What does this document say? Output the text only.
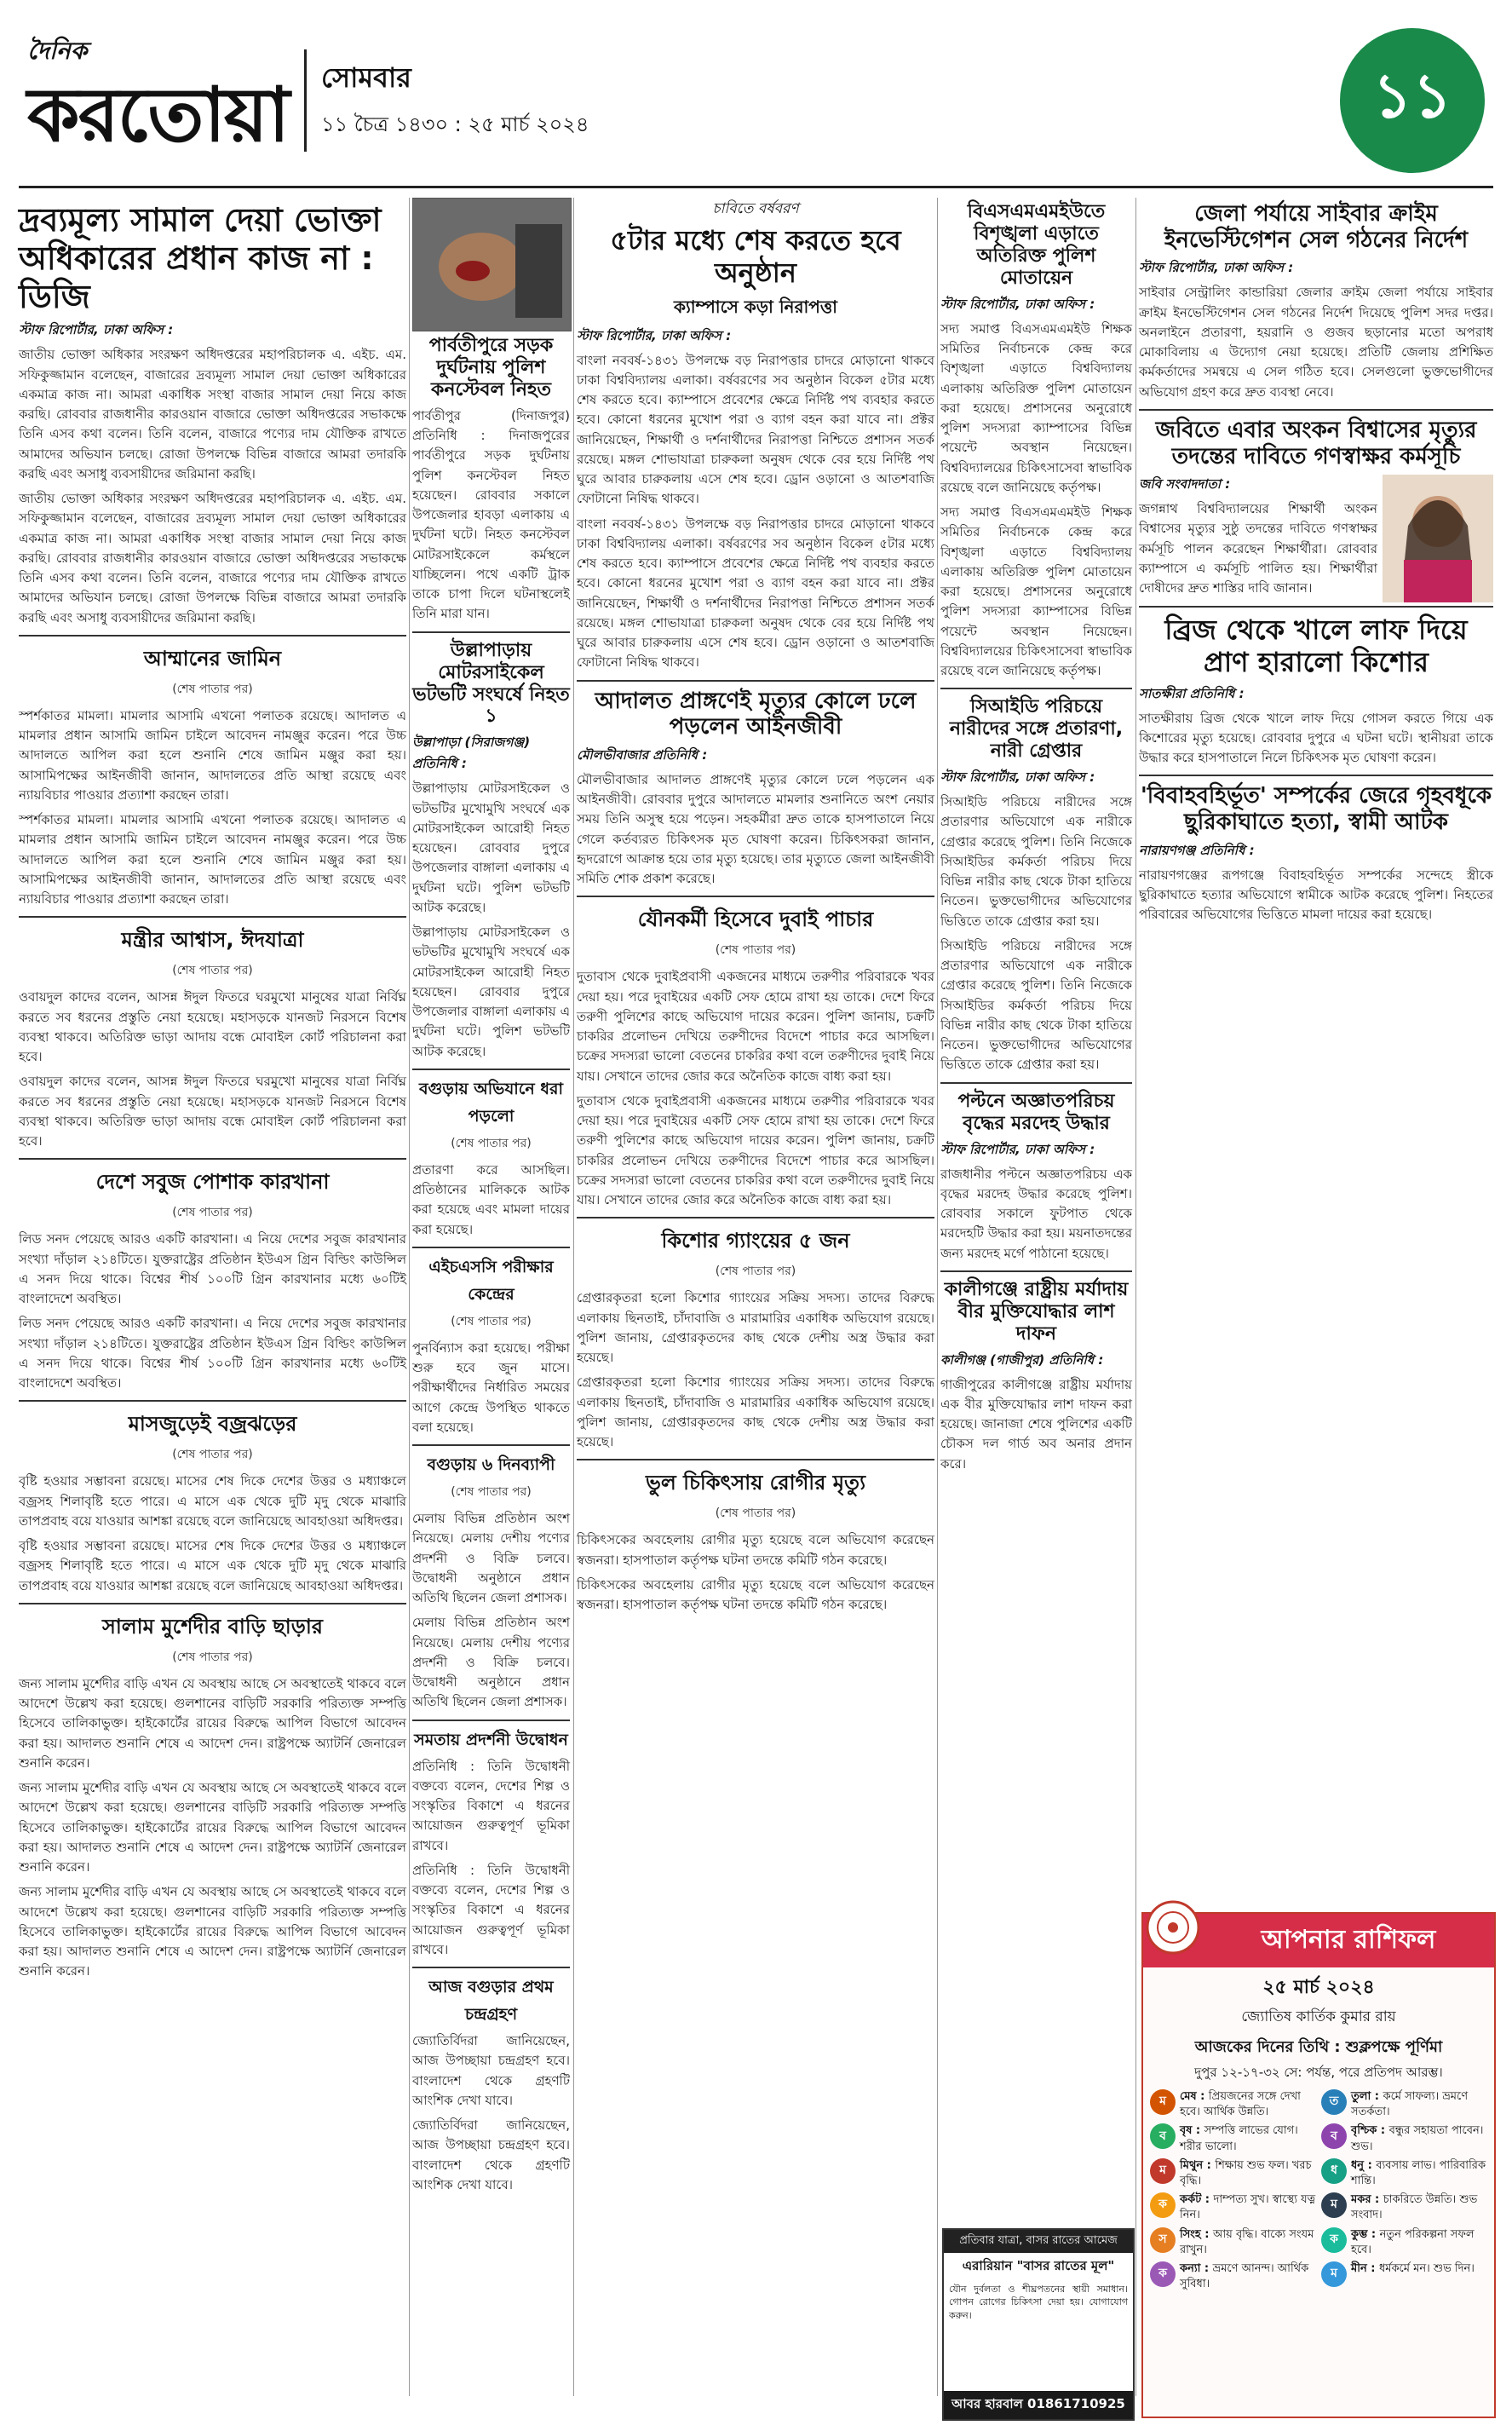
দৈনিক
করতোয়া সোমবার
১১ চৈত্র ১৪৩০ : ২৫ মার্চ ২০২৪	১১
দ্রব্যমূল্য সামাল দেয়া ভোক্তা অধিকারের প্রধান কাজ না : ডিজি
স্টাফ রিপোর্টার, ঢাকা অফিস :

জাতীয় ভোক্তা অধিকার সংরক্ষণ অধিদপ্তরের মহাপরিচালক এ. এইচ. এম. সফিকুজ্জামান বলেছেন, বাজারের দ্রব্যমূল্য সামাল দেয়া ভোক্তা অধিকারের একমাত্র কাজ না। আমরা একাধিক সংস্থা বাজার সামাল দেয়া নিয়ে কাজ করছি। রোববার রাজধানীর কারওয়ান বাজারে ভোক্তা অধিদপ্তরের সভাকক্ষে তিনি এসব কথা বলেন। তিনি বলেন, বাজারে পণ্যের দাম যৌক্তিক রাখতে আমাদের অভিযান চলছে। রোজা উপলক্ষে বিভিন্ন বাজারে আমরা তদারকি করছি এবং অসাধু ব্যবসায়ীদের জরিমানা করছি।

জাতীয় ভোক্তা অধিকার সংরক্ষণ অধিদপ্তরের মহাপরিচালক এ. এইচ. এম. সফিকুজ্জামান বলেছেন, বাজারের দ্রব্যমূল্য সামাল দেয়া ভোক্তা অধিকারের একমাত্র কাজ না। আমরা একাধিক সংস্থা বাজার সামাল দেয়া নিয়ে কাজ করছি। রোববার রাজধানীর কারওয়ান বাজারে ভোক্তা অধিদপ্তরের সভাকক্ষে তিনি এসব কথা বলেন। তিনি বলেন, বাজারে পণ্যের দাম যৌক্তিক রাখতে আমাদের অভিযান চলছে। রোজা উপলক্ষে বিভিন্ন বাজারে আমরা তদারকি করছি এবং অসাধু ব্যবসায়ীদের জরিমানা করছি।

আম্মানের জামিন
(শেষ পাতার পর)

স্পর্শকাতর মামলা। মামলার আসামি এখনো পলাতক রয়েছে। আদালত এ মামলার প্রধান আসামি জামিন চাইলে আবেদন নামঞ্জুর করেন। পরে উচ্চ আদালতে আপিল করা হলে শুনানি শেষে জামিন মঞ্জুর করা হয়। আসামিপক্ষের আইনজীবী জানান, আদালতের প্রতি আস্থা রয়েছে এবং ন্যায়বিচার পাওয়ার প্রত্যাশা করছেন তারা।

স্পর্শকাতর মামলা। মামলার আসামি এখনো পলাতক রয়েছে। আদালত এ মামলার প্রধান আসামি জামিন চাইলে আবেদন নামঞ্জুর করেন। পরে উচ্চ আদালতে আপিল করা হলে শুনানি শেষে জামিন মঞ্জুর করা হয়। আসামিপক্ষের আইনজীবী জানান, আদালতের প্রতি আস্থা রয়েছে এবং ন্যায়বিচার পাওয়ার প্রত্যাশা করছেন তারা।

মন্ত্রীর আশ্বাস, ঈদযাত্রা
(শেষ পাতার পর)

ওবায়দুল কাদের বলেন, আসন্ন ঈদুল ফিতরে ঘরমুখো মানুষের যাত্রা নির্বিঘ্ন করতে সব ধরনের প্রস্তুতি নেয়া হয়েছে। মহাসড়কে যানজট নিরসনে বিশেষ ব্যবস্থা থাকবে। অতিরিক্ত ভাড়া আদায় বন্ধে মোবাইল কোর্ট পরিচালনা করা হবে।

ওবায়দুল কাদের বলেন, আসন্ন ঈদুল ফিতরে ঘরমুখো মানুষের যাত্রা নির্বিঘ্ন করতে সব ধরনের প্রস্তুতি নেয়া হয়েছে। মহাসড়কে যানজট নিরসনে বিশেষ ব্যবস্থা থাকবে। অতিরিক্ত ভাড়া আদায় বন্ধে মোবাইল কোর্ট পরিচালনা করা হবে।

দেশে সবুজ পোশাক কারখানা
(শেষ পাতার পর)

লিড সনদ পেয়েছে আরও একটি কারখানা। এ নিয়ে দেশের সবুজ কারখানার সংখ্যা দাঁড়াল ২১৪টিতে। যুক্তরাষ্ট্রের প্রতিষ্ঠান ইউএস গ্রিন বিল্ডিং কাউন্সিল এ সনদ দিয়ে থাকে। বিশ্বের শীর্ষ ১০০টি গ্রিন কারখানার মধ্যে ৬০টিই বাংলাদেশে অবস্থিত।

লিড সনদ পেয়েছে আরও একটি কারখানা। এ নিয়ে দেশের সবুজ কারখানার সংখ্যা দাঁড়াল ২১৪টিতে। যুক্তরাষ্ট্রের প্রতিষ্ঠান ইউএস গ্রিন বিল্ডিং কাউন্সিল এ সনদ দিয়ে থাকে। বিশ্বের শীর্ষ ১০০টি গ্রিন কারখানার মধ্যে ৬০টিই বাংলাদেশে অবস্থিত।

মাসজুড়েই বজ্রঝড়ের
(শেষ পাতার পর)

বৃষ্টি হওয়ার সম্ভাবনা রয়েছে। মাসের শেষ দিকে দেশের উত্তর ও মধ্যাঞ্চলে বজ্রসহ শিলাবৃষ্টি হতে পারে। এ মাসে এক থেকে দুটি মৃদু থেকে মাঝারি তাপপ্রবাহ বয়ে যাওয়ার আশঙ্কা রয়েছে বলে জানিয়েছে আবহাওয়া অধিদপ্তর।

বৃষ্টি হওয়ার সম্ভাবনা রয়েছে। মাসের শেষ দিকে দেশের উত্তর ও মধ্যাঞ্চলে বজ্রসহ শিলাবৃষ্টি হতে পারে। এ মাসে এক থেকে দুটি মৃদু থেকে মাঝারি তাপপ্রবাহ বয়ে যাওয়ার আশঙ্কা রয়েছে বলে জানিয়েছে আবহাওয়া অধিদপ্তর।

সালাম মুর্শেদীর বাড়ি ছাড়ার
(শেষ পাতার পর)

জন্য সালাম মুর্শেদীর বাড়ি এখন যে অবস্থায় আছে সে অবস্থাতেই থাকবে বলে আদেশে উল্লেখ করা হয়েছে। গুলশানের বাড়িটি সরকারি পরিত্যক্ত সম্পত্তি হিসেবে তালিকাভুক্ত। হাইকোর্টের রায়ের বিরুদ্ধে আপিল বিভাগে আবেদন করা হয়। আদালত শুনানি শেষে এ আদেশ দেন। রাষ্ট্রপক্ষে অ্যাটর্নি জেনারেল শুনানি করেন।

জন্য সালাম মুর্শেদীর বাড়ি এখন যে অবস্থায় আছে সে অবস্থাতেই থাকবে বলে আদেশে উল্লেখ করা হয়েছে। গুলশানের বাড়িটি সরকারি পরিত্যক্ত সম্পত্তি হিসেবে তালিকাভুক্ত। হাইকোর্টের রায়ের বিরুদ্ধে আপিল বিভাগে আবেদন করা হয়। আদালত শুনানি শেষে এ আদেশ দেন। রাষ্ট্রপক্ষে অ্যাটর্নি জেনারেল শুনানি করেন।

জন্য সালাম মুর্শেদীর বাড়ি এখন যে অবস্থায় আছে সে অবস্থাতেই থাকবে বলে আদেশে উল্লেখ করা হয়েছে। গুলশানের বাড়িটি সরকারি পরিত্যক্ত সম্পত্তি হিসেবে তালিকাভুক্ত। হাইকোর্টের রায়ের বিরুদ্ধে আপিল বিভাগে আবেদন করা হয়। আদালত শুনানি শেষে এ আদেশ দেন। রাষ্ট্রপক্ষে অ্যাটর্নি জেনারেল শুনানি করেন।

পার্বতীপুরে সড়ক দুর্ঘটনায় পুলিশ কনস্টেবল নিহত

পার্বতীপুর (দিনাজপুর) প্রতিনিধি : দিনাজপুরের পার্বতীপুরে সড়ক দুর্ঘটনায় পুলিশ কনস্টেবল নিহত হয়েছেন। রোববার সকালে উপজেলার হাবড়া এলাকায় এ দুর্ঘটনা ঘটে। নিহত কনস্টেবল মোটরসাইকেলে কর্মস্থলে যাচ্ছিলেন। পথে একটি ট্রাক তাকে চাপা দিলে ঘটনাস্থলেই তিনি মারা যান।

উল্লাপাড়ায় মোটরসাইকেল ভটভটি সংঘর্ষে নিহত ১
উল্লাপাড়া (সিরাজগঞ্জ) প্রতিনিধি :

উল্লাপাড়ায় মোটরসাইকেল ও ভটভটির মুখোমুখি সংঘর্ষে এক মোটরসাইকেল আরোহী নিহত হয়েছেন। রোববার দুপুরে উপজেলার বাঙ্গালা এলাকায় এ দুর্ঘটনা ঘটে। পুলিশ ভটভটি আটক করেছে।

উল্লাপাড়ায় মোটরসাইকেল ও ভটভটির মুখোমুখি সংঘর্ষে এক মোটরসাইকেল আরোহী নিহত হয়েছেন। রোববার দুপুরে উপজেলার বাঙ্গালা এলাকায় এ দুর্ঘটনা ঘটে। পুলিশ ভটভটি আটক করেছে।

বগুড়ায় অভিযানে ধরা পড়লো
(শেষ পাতার পর)

প্রতারণা করে আসছিল। প্রতিষ্ঠানের মালিককে আটক করা হয়েছে এবং মামলা দায়ের করা হয়েছে।

এইচএসসি পরীক্ষার কেন্দ্রের
(শেষ পাতার পর)

পুনর্বিন্যাস করা হয়েছে। পরীক্ষা শুরু হবে জুন মাসে। পরীক্ষার্থীদের নির্ধারিত সময়ের আগে কেন্দ্রে উপস্থিত থাকতে বলা হয়েছে।

বগুড়ায় ৬ দিনব্যাপী
(শেষ পাতার পর)

মেলায় বিভিন্ন প্রতিষ্ঠান অংশ নিয়েছে। মেলায় দেশীয় পণ্যের প্রদর্শনী ও বিক্রি চলবে। উদ্বোধনী অনুষ্ঠানে প্রধান অতিথি ছিলেন জেলা প্রশাসক।

মেলায় বিভিন্ন প্রতিষ্ঠান অংশ নিয়েছে। মেলায় দেশীয় পণ্যের প্রদর্শনী ও বিক্রি চলবে। উদ্বোধনী অনুষ্ঠানে প্রধান অতিথি ছিলেন জেলা প্রশাসক।

সমতায় প্রদর্শনী উদ্বোধন

প্রতিনিধি : তিনি উদ্বোধনী বক্তব্যে বলেন, দেশের শিল্প ও সংস্কৃতির বিকাশে এ ধরনের আয়োজন গুরুত্বপূর্ণ ভূমিকা রাখবে।

প্রতিনিধি : তিনি উদ্বোধনী বক্তব্যে বলেন, দেশের শিল্প ও সংস্কৃতির বিকাশে এ ধরনের আয়োজন গুরুত্বপূর্ণ ভূমিকা রাখবে।

আজ বগুড়ার প্রথম চন্দ্রগ্রহণ

জ্যোতির্বিদরা জানিয়েছেন, আজ উপচ্ছায়া চন্দ্রগ্রহণ হবে। বাংলাদেশ থেকে গ্রহণটি আংশিক দেখা যাবে।

জ্যোতির্বিদরা জানিয়েছেন, আজ উপচ্ছায়া চন্দ্রগ্রহণ হবে। বাংলাদেশ থেকে গ্রহণটি আংশিক দেখা যাবে।

চাবিতে বর্ষবরণ
৫টার মধ্যে শেষ করতে হবে অনুষ্ঠান
ক্যাম্পাসে কড়া নিরাপত্তা
স্টাফ রিপোর্টার, ঢাকা অফিস :

বাংলা নববর্ষ-১৪৩১ উপলক্ষে বড় নিরাপত্তার চাদরে মোড়ানো থাকবে ঢাকা বিশ্ববিদ্যালয় এলাকা। বর্ষবরণের সব অনুষ্ঠান বিকেল ৫টার মধ্যে শেষ করতে হবে। ক্যাম্পাসে প্রবেশের ক্ষেত্রে নির্দিষ্ট পথ ব্যবহার করতে হবে। কোনো ধরনের মুখোশ পরা ও ব্যাগ বহন করা যাবে না। প্রক্টর জানিয়েছেন, শিক্ষার্থী ও দর্শনার্থীদের নিরাপত্তা নিশ্চিতে প্রশাসন সতর্ক রয়েছে। মঙ্গল শোভাযাত্রা চারুকলা অনুষদ থেকে বের হয়ে নির্দিষ্ট পথ ঘুরে আবার চারুকলায় এসে শেষ হবে। ড্রোন ওড়ানো ও আতশবাজি ফোটানো নিষিদ্ধ থাকবে।

বাংলা নববর্ষ-১৪৩১ উপলক্ষে বড় নিরাপত্তার চাদরে মোড়ানো থাকবে ঢাকা বিশ্ববিদ্যালয় এলাকা। বর্ষবরণের সব অনুষ্ঠান বিকেল ৫টার মধ্যে শেষ করতে হবে। ক্যাম্পাসে প্রবেশের ক্ষেত্রে নির্দিষ্ট পথ ব্যবহার করতে হবে। কোনো ধরনের মুখোশ পরা ও ব্যাগ বহন করা যাবে না। প্রক্টর জানিয়েছেন, শিক্ষার্থী ও দর্শনার্থীদের নিরাপত্তা নিশ্চিতে প্রশাসন সতর্ক রয়েছে। মঙ্গল শোভাযাত্রা চারুকলা অনুষদ থেকে বের হয়ে নির্দিষ্ট পথ ঘুরে আবার চারুকলায় এসে শেষ হবে। ড্রোন ওড়ানো ও আতশবাজি ফোটানো নিষিদ্ধ থাকবে।

আদালত প্রাঙ্গণেই মৃত্যুর কোলে ঢলে পড়লেন আইনজীবী
মৌলভীবাজার প্রতিনিধি :

মৌলভীবাজার আদালত প্রাঙ্গণেই মৃত্যুর কোলে ঢলে পড়লেন এক আইনজীবী। রোববার দুপুরে আদালতে মামলার শুনানিতে অংশ নেয়ার সময় তিনি অসুস্থ হয়ে পড়েন। সহকর্মীরা দ্রুত তাকে হাসপাতালে নিয়ে গেলে কর্তব্যরত চিকিৎসক মৃত ঘোষণা করেন। চিকিৎসকরা জানান, হৃদরোগে আক্রান্ত হয়ে তার মৃত্যু হয়েছে। তার মৃত্যুতে জেলা আইনজীবী সমিতি শোক প্রকাশ করেছে।

যৌনকর্মী হিসেবে দুবাই পাচার
(শেষ পাতার পর)

দুতাবাস থেকে দুবাইপ্রবাসী একজনের মাধ্যমে তরুণীর পরিবারকে খবর দেয়া হয়। পরে দুবাইয়ের একটি সেফ হোমে রাখা হয় তাকে। দেশে ফিরে তরুণী পুলিশের কাছে অভিযোগ দায়ের করেন। পুলিশ জানায়, চক্রটি চাকরির প্রলোভন দেখিয়ে তরুণীদের বিদেশে পাচার করে আসছিল। চক্রের সদস্যরা ভালো বেতনের চাকরির কথা বলে তরুণীদের দুবাই নিয়ে যায়। সেখানে তাদের জোর করে অনৈতিক কাজে বাধ্য করা হয়।

দুতাবাস থেকে দুবাইপ্রবাসী একজনের মাধ্যমে তরুণীর পরিবারকে খবর দেয়া হয়। পরে দুবাইয়ের একটি সেফ হোমে রাখা হয় তাকে। দেশে ফিরে তরুণী পুলিশের কাছে অভিযোগ দায়ের করেন। পুলিশ জানায়, চক্রটি চাকরির প্রলোভন দেখিয়ে তরুণীদের বিদেশে পাচার করে আসছিল। চক্রের সদস্যরা ভালো বেতনের চাকরির কথা বলে তরুণীদের দুবাই নিয়ে যায়। সেখানে তাদের জোর করে অনৈতিক কাজে বাধ্য করা হয়।

কিশোর গ্যাংয়ের ৫ জন
(শেষ পাতার পর)

গ্রেপ্তারকৃতরা হলো কিশোর গ্যাংয়ের সক্রিয় সদস্য। তাদের বিরুদ্ধে এলাকায় ছিনতাই, চাঁদাবাজি ও মারামারির একাধিক অভিযোগ রয়েছে। পুলিশ জানায়, গ্রেপ্তারকৃতদের কাছ থেকে দেশীয় অস্ত্র উদ্ধার করা হয়েছে।

গ্রেপ্তারকৃতরা হলো কিশোর গ্যাংয়ের সক্রিয় সদস্য। তাদের বিরুদ্ধে এলাকায় ছিনতাই, চাঁদাবাজি ও মারামারির একাধিক অভিযোগ রয়েছে। পুলিশ জানায়, গ্রেপ্তারকৃতদের কাছ থেকে দেশীয় অস্ত্র উদ্ধার করা হয়েছে।

ভুল চিকিৎসায় রোগীর মৃত্যু
(শেষ পাতার পর)

চিকিৎসকের অবহেলায় রোগীর মৃত্যু হয়েছে বলে অভিযোগ করেছেন স্বজনরা। হাসপাতাল কর্তৃপক্ষ ঘটনা তদন্তে কমিটি গঠন করেছে।

চিকিৎসকের অবহেলায় রোগীর মৃত্যু হয়েছে বলে অভিযোগ করেছেন স্বজনরা। হাসপাতাল কর্তৃপক্ষ ঘটনা তদন্তে কমিটি গঠন করেছে।

বিএসএমএমইউতে বিশৃঙ্খলা এড়াতে অতিরিক্ত পুলিশ মোতায়েন
স্টাফ রিপোর্টার, ঢাকা অফিস :

সদ্য সমাপ্ত বিএসএমএমইউ শিক্ষক সমিতির নির্বাচনকে কেন্দ্র করে বিশৃঙ্খলা এড়াতে বিশ্ববিদ্যালয় এলাকায় অতিরিক্ত পুলিশ মোতায়েন করা হয়েছে। প্রশাসনের অনুরোধে পুলিশ সদস্যরা ক্যাম্পাসের বিভিন্ন পয়েন্টে অবস্থান নিয়েছেন। বিশ্ববিদ্যালয়ের চিকিৎসাসেবা স্বাভাবিক রয়েছে বলে জানিয়েছে কর্তৃপক্ষ।

সদ্য সমাপ্ত বিএসএমএমইউ শিক্ষক সমিতির নির্বাচনকে কেন্দ্র করে বিশৃঙ্খলা এড়াতে বিশ্ববিদ্যালয় এলাকায় অতিরিক্ত পুলিশ মোতায়েন করা হয়েছে। প্রশাসনের অনুরোধে পুলিশ সদস্যরা ক্যাম্পাসের বিভিন্ন পয়েন্টে অবস্থান নিয়েছেন। বিশ্ববিদ্যালয়ের চিকিৎসাসেবা স্বাভাবিক রয়েছে বলে জানিয়েছে কর্তৃপক্ষ।

সিআইডি পরিচয়ে নারীদের সঙ্গে প্রতারণা, নারী গ্রেপ্তার
স্টাফ রিপোর্টার, ঢাকা অফিস :

সিআইডি পরিচয়ে নারীদের সঙ্গে প্রতারণার অভিযোগে এক নারীকে গ্রেপ্তার করেছে পুলিশ। তিনি নিজেকে সিআইডির কর্মকর্তা পরিচয় দিয়ে বিভিন্ন নারীর কাছ থেকে টাকা হাতিয়ে নিতেন। ভুক্তভোগীদের অভিযোগের ভিত্তিতে তাকে গ্রেপ্তার করা হয়।

সিআইডি পরিচয়ে নারীদের সঙ্গে প্রতারণার অভিযোগে এক নারীকে গ্রেপ্তার করেছে পুলিশ। তিনি নিজেকে সিআইডির কর্মকর্তা পরিচয় দিয়ে বিভিন্ন নারীর কাছ থেকে টাকা হাতিয়ে নিতেন। ভুক্তভোগীদের অভিযোগের ভিত্তিতে তাকে গ্রেপ্তার করা হয়।

পল্টনে অজ্ঞাতপরিচয় বৃদ্ধের মরদেহ উদ্ধার
স্টাফ রিপোর্টার, ঢাকা অফিস :

রাজধানীর পল্টনে অজ্ঞাতপরিচয় এক বৃদ্ধের মরদেহ উদ্ধার করেছে পুলিশ। রোববার সকালে ফুটপাত থেকে মরদেহটি উদ্ধার করা হয়। ময়নাতদন্তের জন্য মরদেহ মর্গে পাঠানো হয়েছে।

কালীগঞ্জে রাষ্ট্রীয় মর্যাদায় বীর মুক্তিযোদ্ধার লাশ দাফন
কালীগঞ্জ (গাজীপুর) প্রতিনিধি :

গাজীপুরের কালীগঞ্জে রাষ্ট্রীয় মর্যাদায় এক বীর মুক্তিযোদ্ধার লাশ দাফন করা হয়েছে। জানাজা শেষে পুলিশের একটি চৌকস দল গার্ড অব অনার প্রদান করে।

প্রতিবার যাত্রা, বাসর রাতের আমেজ
এরারিয়ান "বাসর রাতের মূল"
যৌন দুর্বলতা ও শীঘ্রপতনের স্থায়ী সমাধান। গোপন রোগের চিকিৎসা দেয়া হয়। যোগাযোগ করুন।
আবর হারবাল 01861710925
জেলা পর্যায়ে সাইবার ক্রাইম ইনভেস্টিগেশন সেল গঠনের নির্দেশ
স্টাফ রিপোর্টার, ঢাকা অফিস :

সাইবার সেন্ট্রালিং কান্ডারিয়া জেলার ক্রাইম জেলা পর্যায়ে সাইবার ক্রাইম ইনভেস্টিগেশন সেল গঠনের নির্দেশ দিয়েছে পুলিশ সদর দপ্তর। অনলাইনে প্রতারণা, হয়রানি ও গুজব ছড়ানোর মতো অপরাধ মোকাবিলায় এ উদ্যোগ নেয়া হয়েছে। প্রতিটি জেলায় প্রশিক্ষিত কর্মকর্তাদের সমন্বয়ে এ সেল গঠিত হবে। সেলগুলো ভুক্তভোগীদের অভিযোগ গ্রহণ করে দ্রুত ব্যবস্থা নেবে।

জবিতে এবার অংকন বিশ্বাসের মৃত্যুর তদন্তের দাবিতে গণস্বাক্ষর কর্মসূচি
জবি সংবাদদাতা :

জগন্নাথ বিশ্ববিদ্যালয়ের শিক্ষার্থী অংকন বিশ্বাসের মৃত্যুর সুষ্ঠু তদন্তের দাবিতে গণস্বাক্ষর কর্মসূচি পালন করেছেন শিক্ষার্থীরা। রোববার ক্যাম্পাসে এ কর্মসূচি পালিত হয়। শিক্ষার্থীরা দোষীদের দ্রুত শাস্তির দাবি জানান।

ব্রিজ থেকে খালে লাফ দিয়ে প্রাণ হারালো কিশোর
সাতক্ষীরা প্রতিনিধি :

সাতক্ষীরায় ব্রিজ থেকে খালে লাফ দিয়ে গোসল করতে গিয়ে এক কিশোরের মৃত্যু হয়েছে। রোববার দুপুরে এ ঘটনা ঘটে। স্থানীয়রা তাকে উদ্ধার করে হাসপাতালে নিলে চিকিৎসক মৃত ঘোষণা করেন।

'বিবাহবহির্ভূত' সম্পর্কের জেরে গৃহবধূকে ছুরিকাঘাতে হত্যা, স্বামী আটক
নারায়ণগঞ্জ প্রতিনিধি :

নারায়ণগঞ্জের রূপগঞ্জে বিবাহবহির্ভূত সম্পর্কের সন্দেহে স্ত্রীকে ছুরিকাঘাতে হত্যার অভিযোগে স্বামীকে আটক করেছে পুলিশ। নিহতের পরিবারের অভিযোগের ভিত্তিতে মামলা দায়ের করা হয়েছে।

আপনার রাশিফল
২৫ মার্চ ২০২৪
জ্যোতিষ কার্তিক কুমার রায়
আজকের দিনের তিথি : শুক্লপক্ষে পূর্ণিমা
দুপুর ১২-১৭-৩২ সে: পর্যন্ত, পরে প্রতিপদ আরম্ভ।
ম	মেষ : প্রিয়জনের সঙ্গে দেখা হবে। আর্থিক উন্নতি।
ত	তুলা : কর্মে সাফল্য। ভ্রমণে সতর্কতা।
ব	বৃষ : সম্পত্তি লাভের যোগ। শরীর ভালো।
ব	বৃশ্চিক : বন্ধুর সহায়তা পাবেন। শুভ।
ম	মিথুন : শিক্ষায় শুভ ফল। খরচ বৃদ্ধি।
ধ	ধনু : ব্যবসায় লাভ। পারিবারিক শান্তি।
ক	কর্কট : দাম্পত্য সুখ। স্বাস্থ্যে যত্ন নিন।
ম	মকর : চাকরিতে উন্নতি। শুভ সংবাদ।
স	সিংহ : আয় বৃদ্ধি। বাক্যে সংযম রাখুন।
ক	কুম্ভ : নতুন পরিকল্পনা সফল হবে।
ক	কন্যা : ভ্রমণে আনন্দ। আর্থিক সুবিধা।
ম	মীন : ধর্মকর্মে মন। শুভ দিন।
